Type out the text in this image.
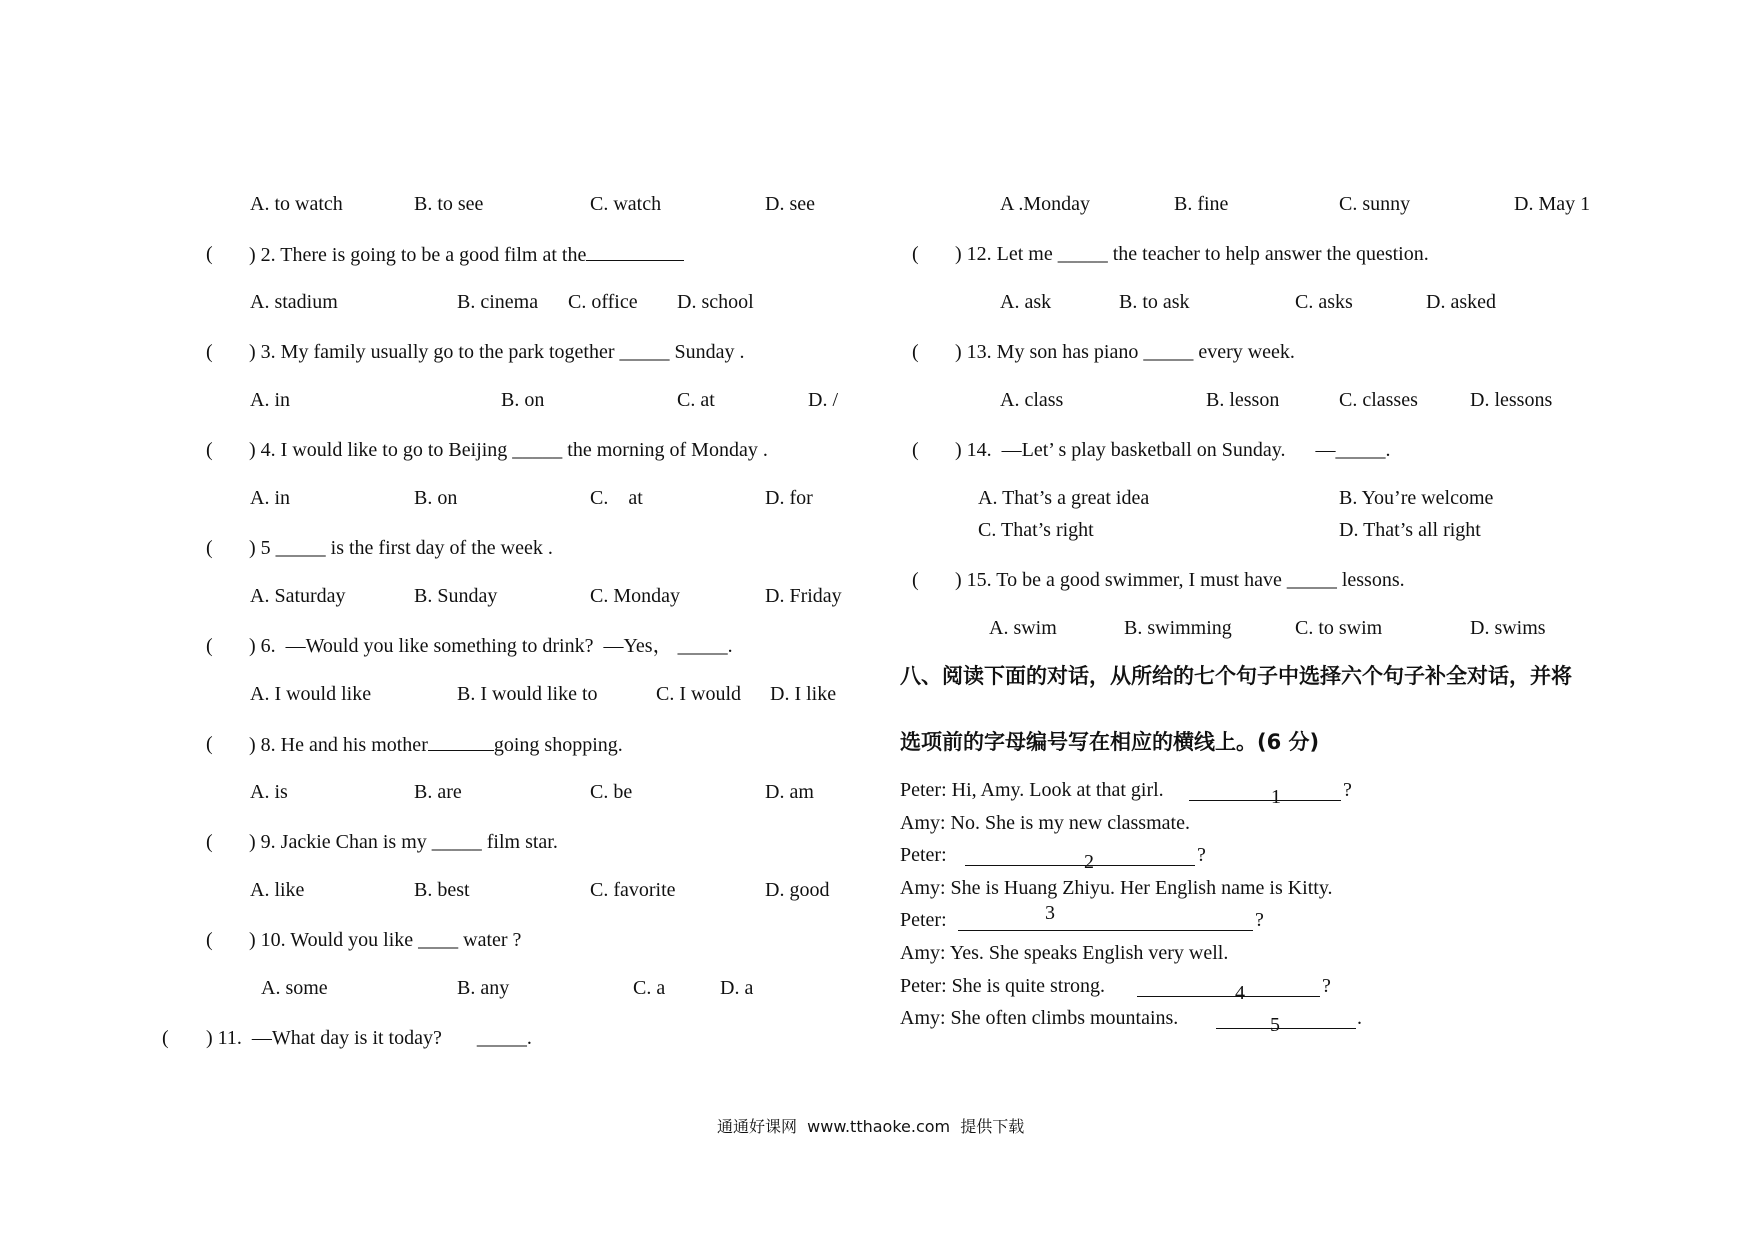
A. to watch	B. to see	C. watch	D. see
( ) 2. There is going to be a good film at the
A. stadium	B. cinema C. office D. school
( ) 3. My family usually go to the park together _____ Sunday .
A. in	B. on	C. at	D. /
( ) 4. I would like to go to Beijing _____ the morning of Monday .
A. in	B. on	C.    at	D. for
( ) 5 _____ is the first day of the week .
A. Saturday	B. Sunday	C. Monday	D. Friday
( ) 6.  —Would you like something to drink?  —Yes， _____.
A. I would like	B. I would like to	C. I would D. I like
( ) 8. He and his mother	going shopping.
A. is	B. are	C. be	D. am
( ) 9. Jackie Chan is my _____ film star.
A. like	B. best	C. favorite	D. good
( ) 10. Would you like ____ water ?
A. some	B. any	C. a	D. a
( ) 11.  —What day is it today?       _____.
A .Monday	B. fine	C. sunny	D. May 1
( ) 12. Let me _____ the teacher to help answer the question.
A. ask	B. to ask	C. asks	D. asked
( ) 13. My son has piano _____ every week.
A. class	B. lesson	C. classes	D. lessons
( ) 14.  —Let’ s play basketball on Sunday.      —_____.
A. That’s a great idea	B. You’re welcome
C. That’s right	D. That’s all right
( ) 15. To be a good swimmer, I must have _____ lessons.
A. swim	B. swimming	C. to swim	D. swims
八、阅读下面的对话，从所给的七个句子中选择六个句子补全对话，并将
选项前的字母编号写在相应的横线上。(6 分)
Peter: Hi, Amy. Look at that girl.	1	?
Amy: No. She is my new classmate.
Peter:	2	?
Amy: She is Huang Zhiyu. Her English name is Kitty.
Peter:	3	?
Amy: Yes. She speaks English very well.
Peter: She is quite strong.	4	?
Amy: She often climbs mountains.	5	.
通通好课网  www.tthaoke.com  提供下载
